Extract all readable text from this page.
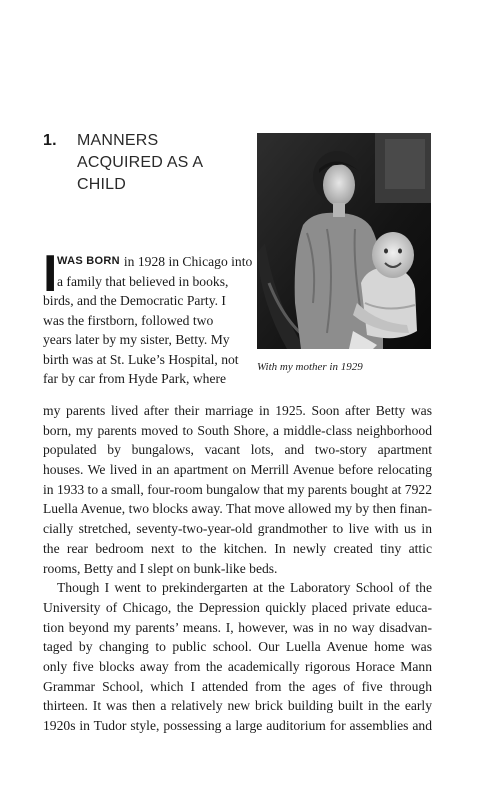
1. MANNERS ACQUIRED AS A CHILD
With my mother in 1929
I WAS BORN in 1928 in Chicago into
a family that believed in books,
birds, and the Democratic Party. I
was the firstborn, followed two
years later by my sister, Betty. My
birth was at St. Luke’s Hospital, not
far by car from Hyde Park, where
my parents lived after their marriage in 1925. Soon after Betty was
born, my parents moved to South Shore, a middle-class neighborhood
populated by bungalows, vacant lots, and two-story apartment
houses. We lived in an apartment on Merrill Avenue before relocating
in 1933 to a small, four-room bungalow that my parents bought at 7922
Luella Avenue, two blocks away. That move allowed my by then finan-
cially stretched, seventy-two-year-old grandmother to live with us in
the rear bedroom next to the kitchen. In newly created tiny attic
rooms, Betty and I slept on bunk-like beds.
Though I went to prekindergarten at the Laboratory School of the
University of Chicago, the Depression quickly placed private educa-
tion beyond my parents’ means. I, however, was in no way disadvan-
taged by changing to public school. Our Luella Avenue home was
only five blocks away from the academically rigorous Horace Mann
Grammar School, which I attended from the ages of five through
thirteen. It was then a relatively new brick building built in the early
1920s in Tudor style, possessing a large auditorium for assemblies and
